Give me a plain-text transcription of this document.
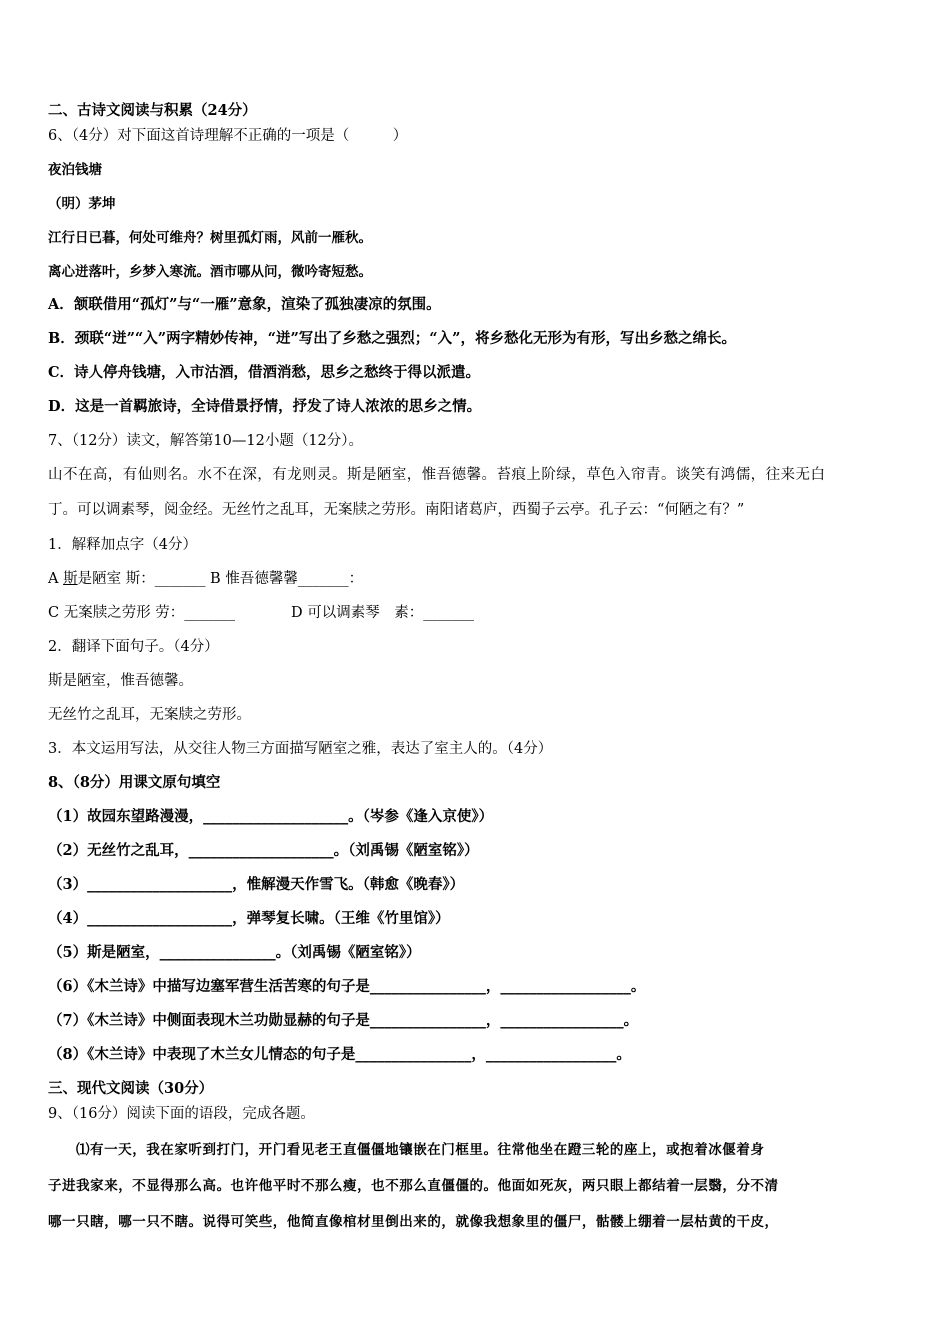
二、古诗文阅读与积累（24分）
6、（4分）对下面这首诗理解不正确的一项是（　　　）
夜泊钱塘
（明）茅坤
江行日已暮，何处可维舟？树里孤灯雨，风前一雁秋。
离心迸落叶，乡梦入寒流。酒市哪从问，微吟寄短愁。
A．颔联借用“孤灯”与“一雁”意象，渲染了孤独凄凉的氛围。
B．颈联“迸”“入”两字精妙传神，“迸”写出了乡愁之强烈；“入”，将乡愁化无形为有形，写出乡愁之绵长。
C．诗人停舟钱塘，入市沽酒，借酒消愁，思乡之愁终于得以派遣。
D．这是一首羁旅诗，全诗借景抒情，抒发了诗人浓浓的思乡之情。
7、（12分）读文，解答第10—12小题（12分）。
山不在高，有仙则名。水不在深，有龙则灵。斯是陋室，惟吾德馨。苔痕上阶绿，草色入帘青。谈笑有鸿儒，往来无白
丁。可以调素琴，阅金经。无丝竹之乱耳，无案牍之劳形。南阳诸葛庐，西蜀子云亭。孔子云：“何陋之有？”
1．解释加点字（4分）
A 斯是陋室 斯：_______ B 惟吾德馨馨_______：
C 无案牍之劳形 劳：_______	D 可以调素琴　素：_______
2．翻译下面句子。（4分）
斯是陋室，惟吾德馨。
无丝竹之乱耳，无案牍之劳形。
3．本文运用写法，从交往人物三方面描写陋室之雅，表达了室主人的。（4分）
8、（8分）用课文原句填空
（1）故园东望路漫漫，____________________。（岑参《逢入京使》）
（2）无丝竹之乱耳，____________________。（刘禹锡《陋室铭》）
（3）____________________，惟解漫天作雪飞。（韩愈《晚春》）
（4）____________________，弹琴复长啸。（王维《竹里馆》）
（5）斯是陋室，________________。（刘禹锡《陋室铭》）
（6）《木兰诗》中描写边塞军营生活苦寒的句子是________________，__________________。
（7）《木兰诗》中侧面表现木兰功勋显赫的句子是________________，_________________。
（8）《木兰诗》中表现了木兰女儿情态的句子是________________，__________________。
三、现代文阅读（30分）
9、（16分）阅读下面的语段，完成各题。
⑴有一天，我在家听到打门，开门看见老王直僵僵地镶嵌在门框里。往常他坐在蹬三轮的座上，或抱着冰偃着身
子进我家来，不显得那么高。也许他平时不那么瘦，也不那么直僵僵的。他面如死灰，两只眼上都结着一层翳，分不清
哪一只瞎，哪一只不瞎。说得可笑些，他简直像棺材里倒出来的，就像我想象里的僵尸，骷髅上绷着一层枯黄的干皮，
